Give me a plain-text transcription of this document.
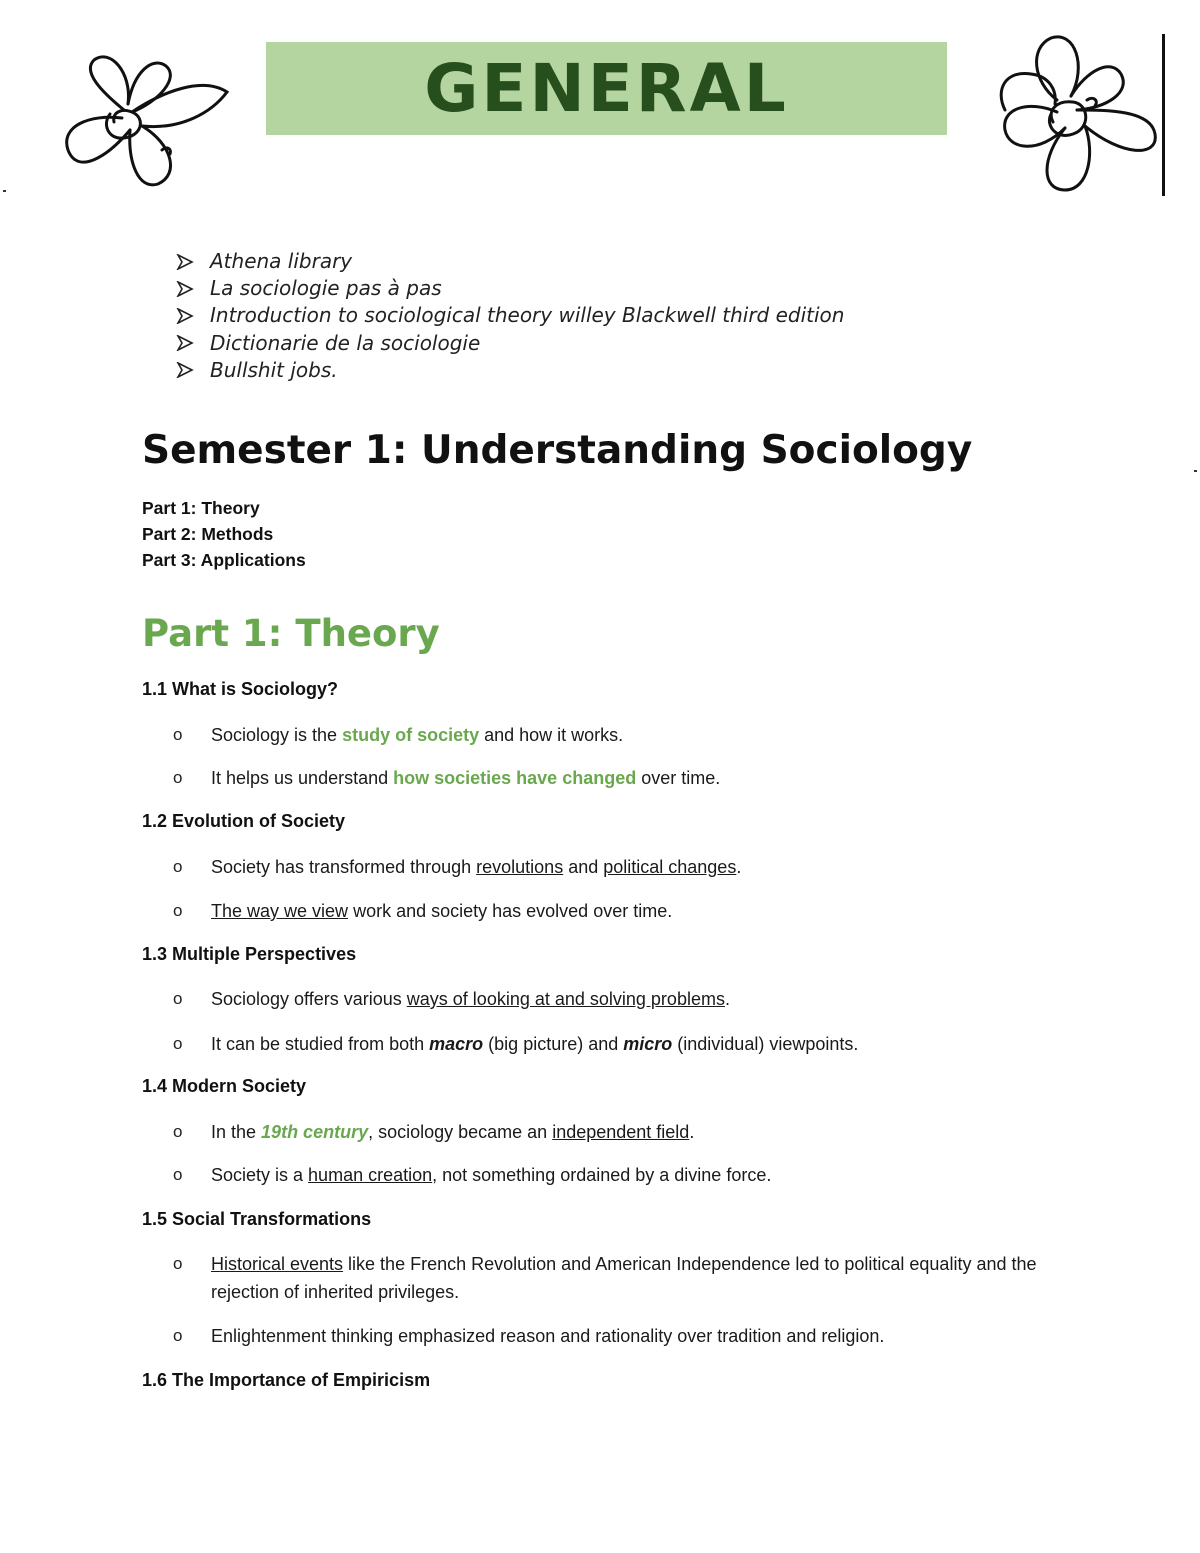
GENERAL
Athena library
La sociologie pas à pas
Introduction to sociological theory willey Blackwell third edition
Dictionarie de la sociologie
Bullshit jobs.
Semester 1: Understanding Sociology
Part 1: Theory
Part 2: Methods
Part 3: Applications
Part 1: Theory
1.1 What is Sociology?
o Sociology is the study of society and how it works.
o It helps us understand how societies have changed over time.
1.2 Evolution of Society
o Society has transformed through revolutions and political changes.
o The way we view work and society has evolved over time.
1.3 Multiple Perspectives
o Sociology offers various ways of looking at and solving problems.
o It can be studied from both macro (big picture) and micro (individual) viewpoints.
1.4 Modern Society
o In the 19th century, sociology became an independent field.
o Society is a human creation, not something ordained by a divine force.
1.5 Social Transformations
o Historical events like the French Revolution and American Independence led to political equality and the rejection of inherited privileges.
o Enlightenment thinking emphasized reason and rationality over tradition and religion.
1.6 The Importance of Empiricism
